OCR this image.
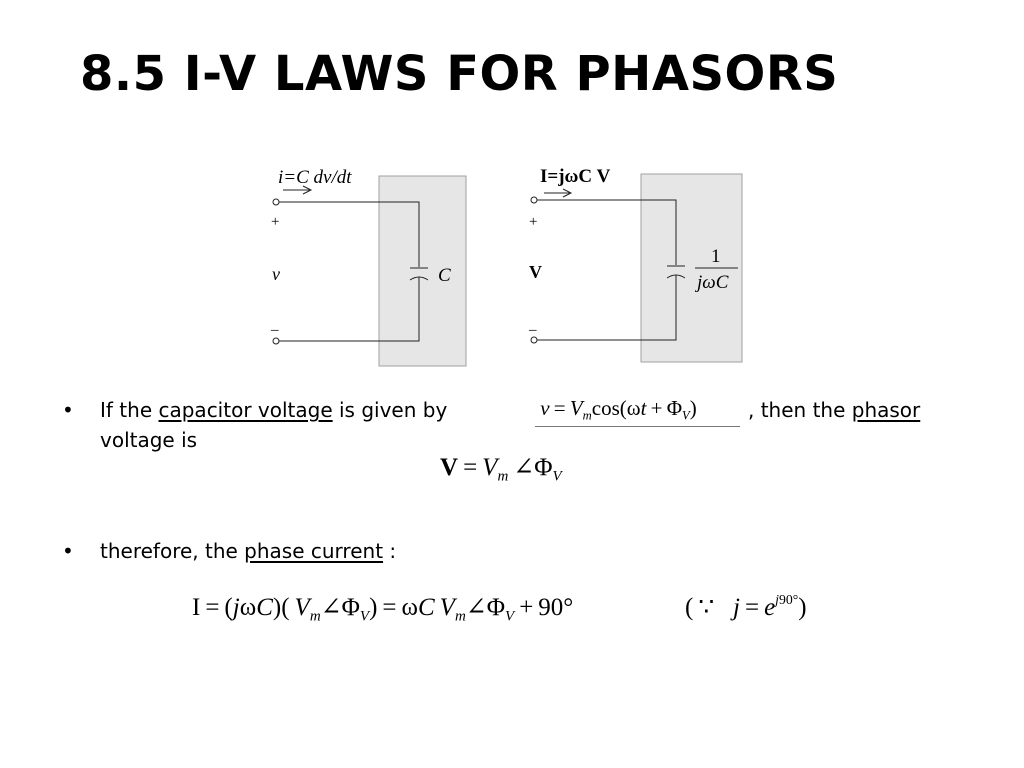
8.5 I-V LAWS FOR PHASORS
i=C dv/dt
+
v
–
C
I=jωC V
+
V
–
1
jωC
• If the capacitor voltage is given by	, then the phasor
voltage is
$v = V_m\cos(\omega t + \Phi_V)$
$V = V_m$ $\angle\Phi_V$
• therefore, the phase current :
I = (jωC)( $V_m\angle\Phi_V) = \omega C$  $V_m\angle\Phi_V + 90^\circ$	( ∵   $j = e^{j90^\circ}$)
